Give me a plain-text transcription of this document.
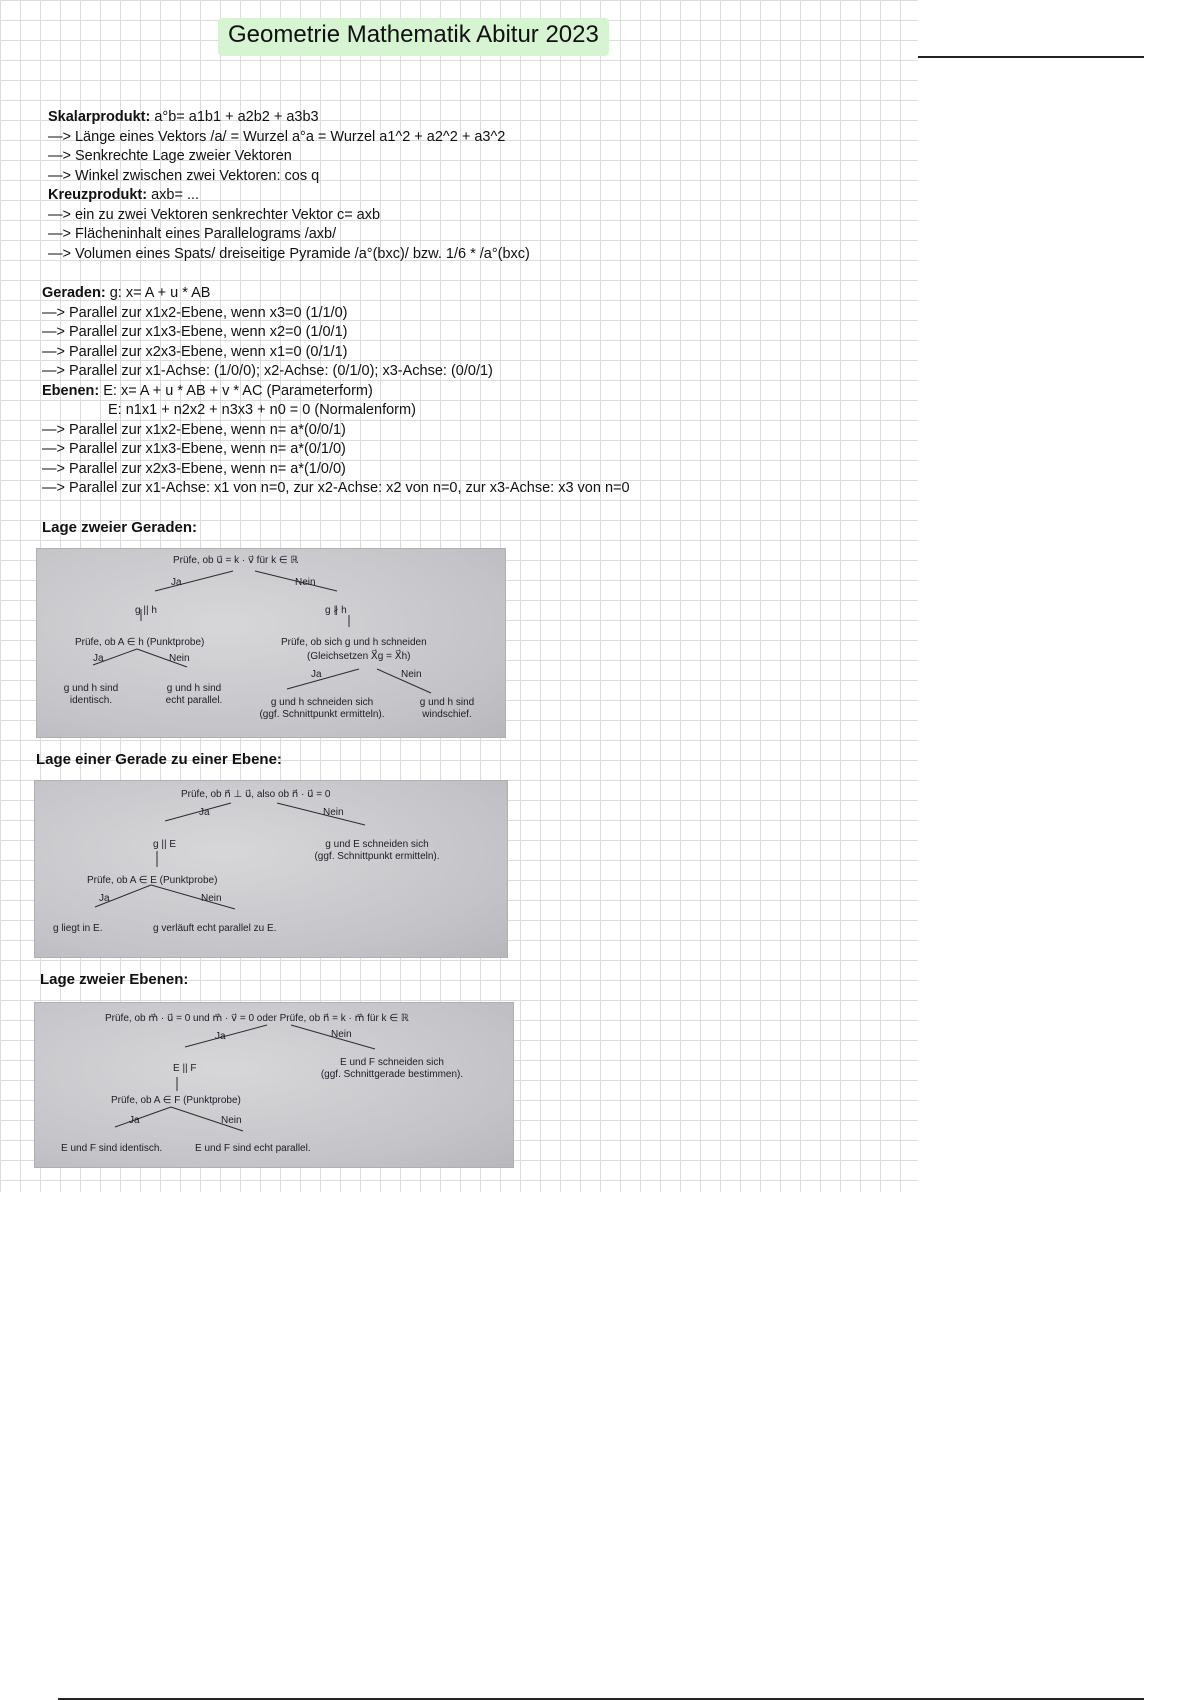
Geometrie Mathematik Abitur 2023
Skalarprodukt: a°b= a1b1 + a2b2 + a3b3
—> Länge eines Vektors /a/ = Wurzel a°a = Wurzel a1^2 + a2^2 + a3^2
—> Senkrechte Lage zweier Vektoren
—> Winkel zwischen zwei Vektoren: cos q
Kreuzprodukt: axb= ...
—> ein zu zwei Vektoren senkrechter Vektor c= axb
—> Flächeninhalt eines Parallelograms /axb/
—> Volumen eines Spats/ dreiseitige Pyramide /a°(bxc)/ bzw. 1/6 * /a°(bxc)
Geraden: g: x= A + u * AB
—> Parallel zur x1x2-Ebene, wenn x3=0 (1/1/0)
—> Parallel zur x1x3-Ebene, wenn x2=0 (1/0/1)
—> Parallel zur x2x3-Ebene, wenn x1=0 (0/1/1)
—> Parallel zur x1-Achse: (1/0/0); x2-Achse: (0/1/0); x3-Achse: (0/0/1)
Ebenen: E: x= A + u * AB + v * AC (Parameterform)
E: n1x1 + n2x2 + n3x3 + n0 = 0 (Normalenform)
—> Parallel zur x1x2-Ebene, wenn n= a*(0/0/1)
—> Parallel zur x1x3-Ebene, wenn n= a*(0/1/0)
—> Parallel zur x2x3-Ebene, wenn n= a*(1/0/0)
—> Parallel zur x1-Achse: x1 von n=0, zur x2-Achse: x2 von n=0, zur x3-Achse: x3 von n=0
Lage zweier Geraden:
Prüfe, ob u⃗ = k · v⃗ für k ∈ ℝ
Ja	Nein
g || h	g ∦ h
Prüfe, ob A ∈ h (Punktprobe)	Prüfe, ob sich g und h schneiden
(Gleichsetzen X⃗g = X⃗h)
Ja	Nein
Ja	Nein
g und h sind
identisch.
g und h sind
echt parallel.	g und h schneiden sich
(ggf. Schnittpunkt ermitteln).
g und h sind
windschief.
Lage einer Gerade zu einer Ebene:
Prüfe, ob n⃗ ⊥ u⃗, also ob n⃗ · u⃗ = 0
Ja	Nein
g || E	g und E schneiden sich
(ggf. Schnittpunkt ermitteln).
Prüfe, ob A ∈ E (Punktprobe)
Ja	Nein
g liegt in E.	g verläuft echt parallel zu E.
Lage zweier Ebenen:
Prüfe, ob m⃗ · u⃗ = 0 und m⃗ · v⃗ = 0 oder Prüfe, ob n⃗ = k · m⃗ für k ∈ ℝ
Ja	Nein
E || F
E und F schneiden sich
(ggf. Schnittgerade bestimmen).
Prüfe, ob A ∈ F (Punktprobe)
Ja	Nein
E und F sind identisch.	E und F sind echt parallel.
